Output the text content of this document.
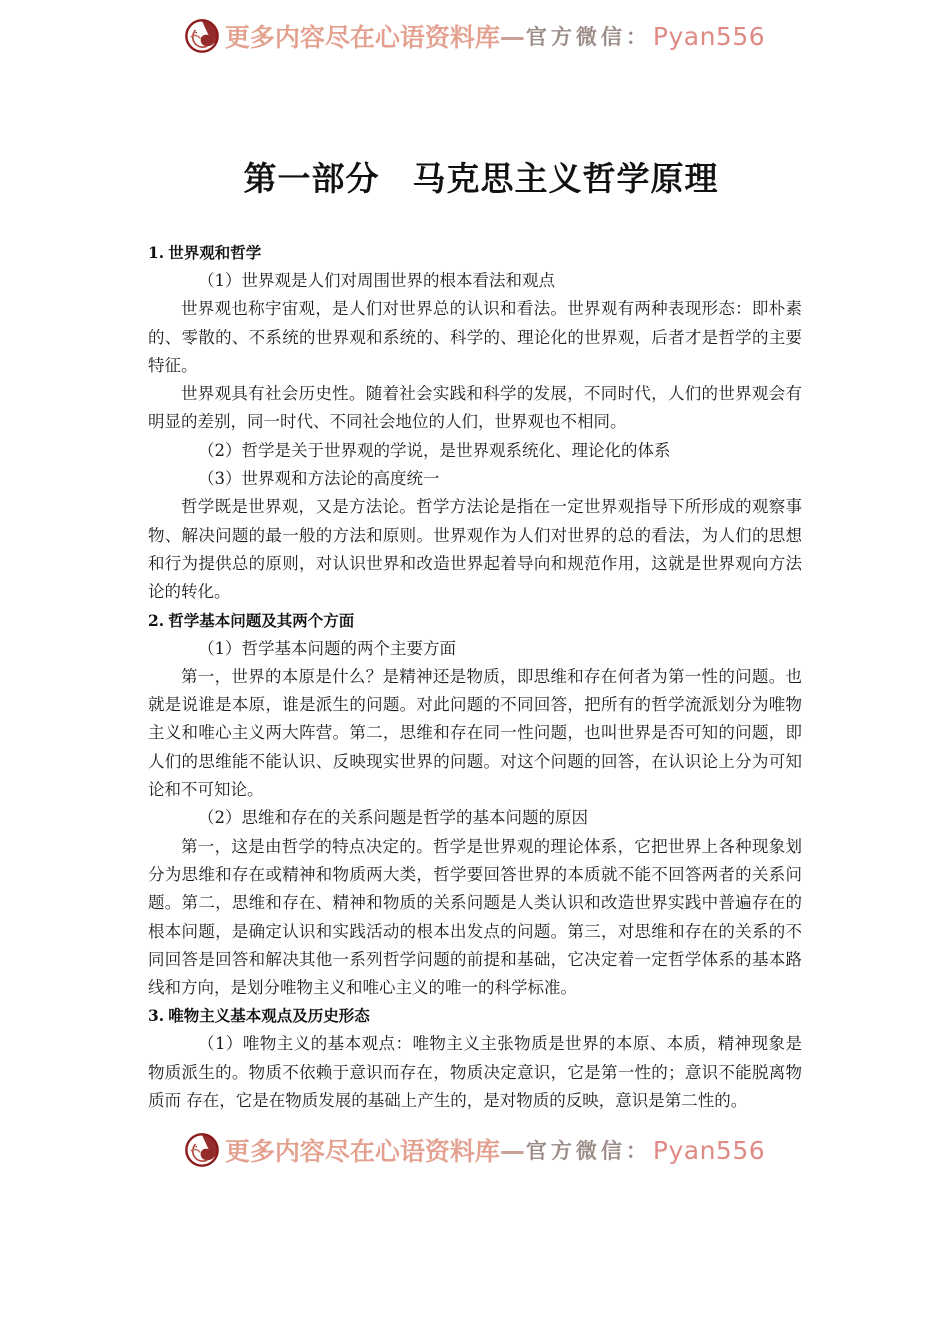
更多内容尽在心语资料库 — 官方微信： Pyan556
第一部分 马克思主义哲学原理
1. 世界观和哲学

（1）世界观是人们对周围世界的根本看法和观点

世界观也称宇宙观，是人们对世界总的认识和看法。世界观有两种表现形态：即朴素的、零散的、不系统的世界观和系统的、科学的、理论化的世界观，后者才是哲学的主要特征。

世界观具有社会历史性。随着社会实践和科学的发展，不同时代，人们的世界观会有明显的差别，同一时代、不同社会地位的人们，世界观也不相同。

（2）哲学是关于世界观的学说，是世界观系统化、理论化的体系

（3）世界观和方法论的高度统一

哲学既是世界观，又是方法论。哲学方法论是指在一定世界观指导下所形成的观察事物、解决问题的最一般的方法和原则。世界观作为人们对世界的总的看法，为人们的思想和行为提供总的原则，对认识世界和改造世界起着导向和规范作用，这就是世界观向方法论的转化。

2. 哲学基本问题及其两个方面

（1）哲学基本问题的两个主要方面

第一，世界的本原是什么？是精神还是物质，即思维和存在何者为第一性的问题。也就是说谁是本原，谁是派生的问题。对此问题的不同回答，把所有的哲学流派划分为唯物主义和唯心主义两大阵营。第二，思维和存在同一性问题，也叫世界是否可知的问题，即人们的思维能不能认识、反映现实世界的问题。对这个问题的回答，在认识论上分为可知论和不可知论。

（2）思维和存在的关系问题是哲学的基本问题的原因

第一，这是由哲学的特点决定的。哲学是世界观的理论体系，它把世界上各种现象划分为思维和存在或精神和物质两大类，哲学要回答世界的本质就不能不回答两者的关系问题。第二，思维和存在、精神和物质的关系问题是人类认识和改造世界实践中普遍存在的根本问题，是确定认识和实践活动的根本出发点的问题。第三，对思维和存在的关系的不同回答是回答和解决其他一系列哲学问题的前提和基础，它决定着一定哲学体系的基本路线和方向，是划分唯物主义和唯心主义的唯一的科学标准。

3. 唯物主义基本观点及历史形态

（1）唯物主义的基本观点：唯物主义主张物质是世界的本原、本质，精神现象是物质派生的。物质不依赖于意识而存在，物质决定意识，它是第一性的；意识不能脱离物质而 存在，它是在物质发展的基础上产生的，是对物质的反映，意识是第二性的。

更多内容尽在心语资料库 — 官方微信： Pyan556
